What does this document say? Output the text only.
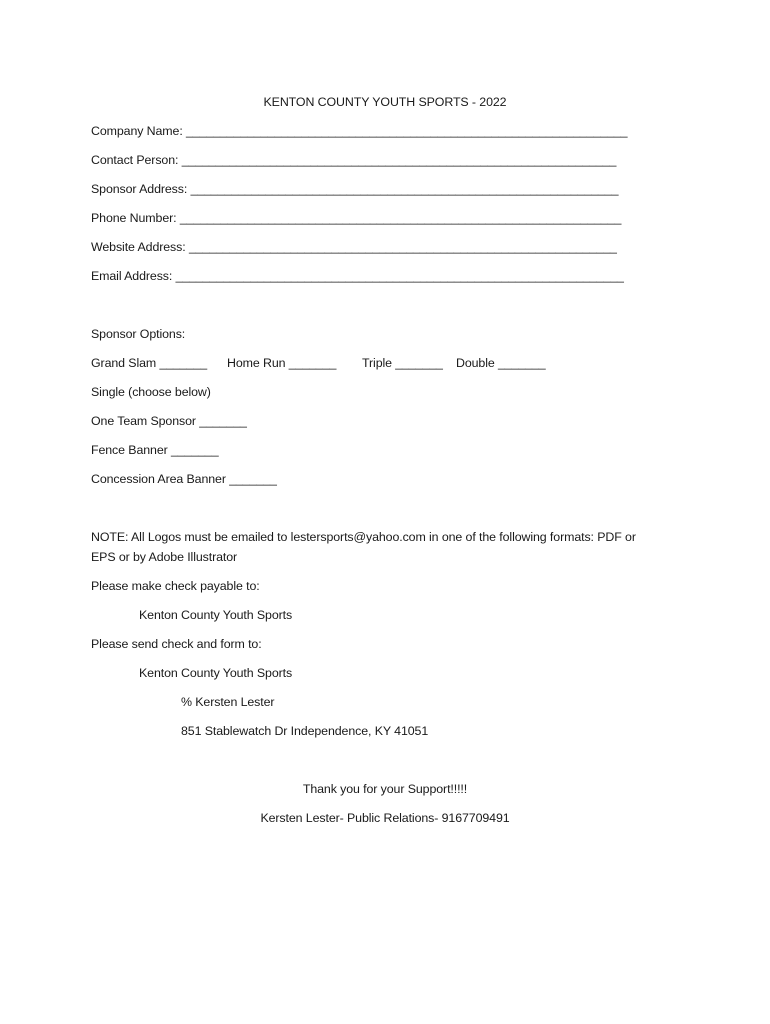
KENTON COUNTY YOUTH SPORTS - 2022
Company Name: _________________________________________________________________
Contact Person: ________________________________________________________________
Sponsor Address: _______________________________________________________________
Phone Number: _________________________________________________________________
Website Address: _______________________________________________________________
Email Address: __________________________________________________________________
Sponsor Options:
Grand Slam _______ Home Run _______ Triple _______ Double _______
Single (choose below)
One Team Sponsor _______
Fence Banner _______
Concession Area Banner _______
NOTE: All Logos must be emailed to lestersports@yahoo.com in one of the following formats: PDF or
EPS or by Adobe Illustrator
Please make check payable to:
Kenton County Youth Sports
Please send check and form to:
Kenton County Youth Sports
% Kersten Lester
851 Stablewatch Dr Independence, KY 41051
Thank you for your Support!!!!!
Kersten Lester- Public Relations- 9167709491
